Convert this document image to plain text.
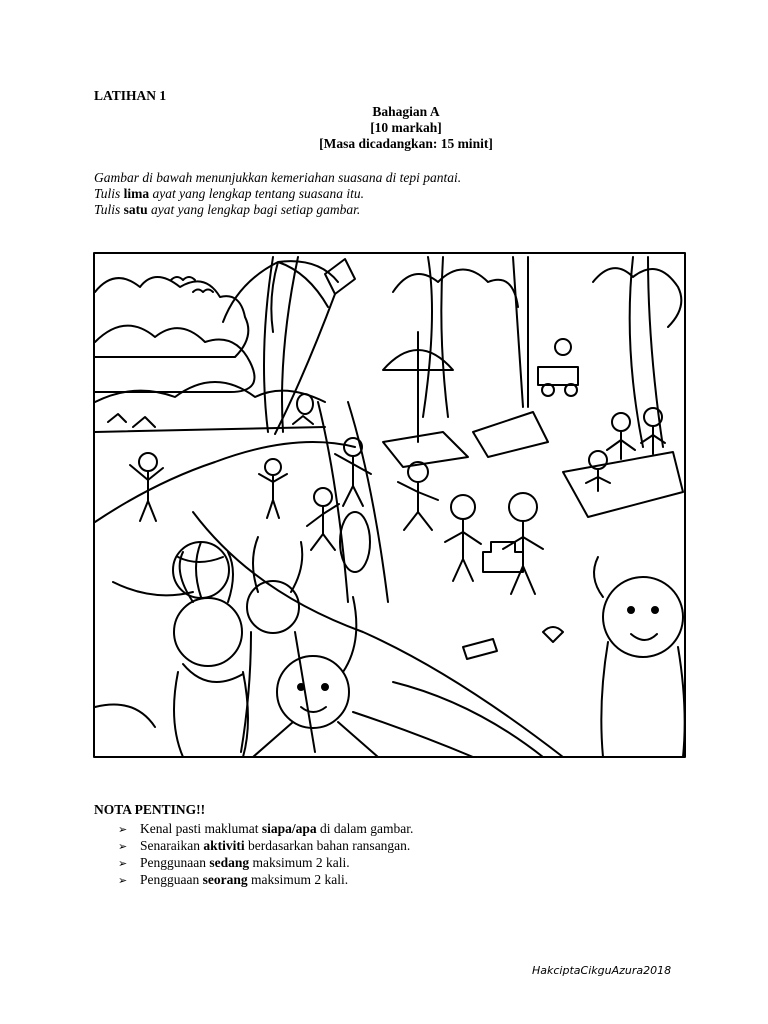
LATIHAN 1
Bahagian A
[10 markah]
[Masa dicadangkan: 15 minit]
Gambar di bawah menunjukkan kemeriahan suasana di tepi pantai.
Tulis lima ayat yang lengkap tentang suasana itu.
Tulis satu ayat yang lengkap bagi setiap gambar.
NOTA PENTING!!
➢ Kenal pasti maklumat siapa/apa di dalam gambar.
➢ Senaraikan aktiviti berdasarkan bahan ransangan.
➢ Penggunaan sedang maksimum 2 kali.
➢ Pengguaan seorang maksimum 2 kali.
HakciptaCikguAzura2018
